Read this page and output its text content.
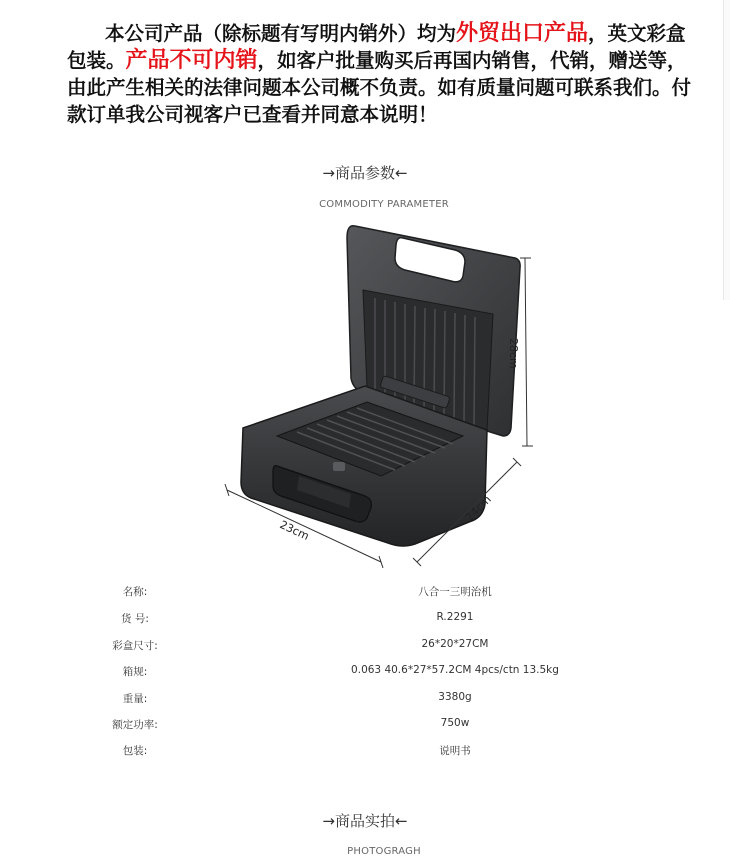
本公司产品（除标题有写明内销外）均为外贸出口产品，英文彩盒包装。产品不可内销，如客户批量购买后再国内销售，代销，赠送等，由此产生相关的法律问题本公司概不负责。如有质量问题可联系我们。付款订单我公司视客户已查看并同意本说明！
→商品参数←
COMMODITY PARAMETER
28cm
24cm
23cm
名称:	八合一三明治机
货 号:	R.2291
彩盒尺寸:	26*20*27CM
箱规:	0.063 40.6*27*57.2CM 4pcs/ctn 13.5kg
重量:	3380g
额定功率:	750w
包装:	说明书
→商品实拍←
PHOTOGRAGH
